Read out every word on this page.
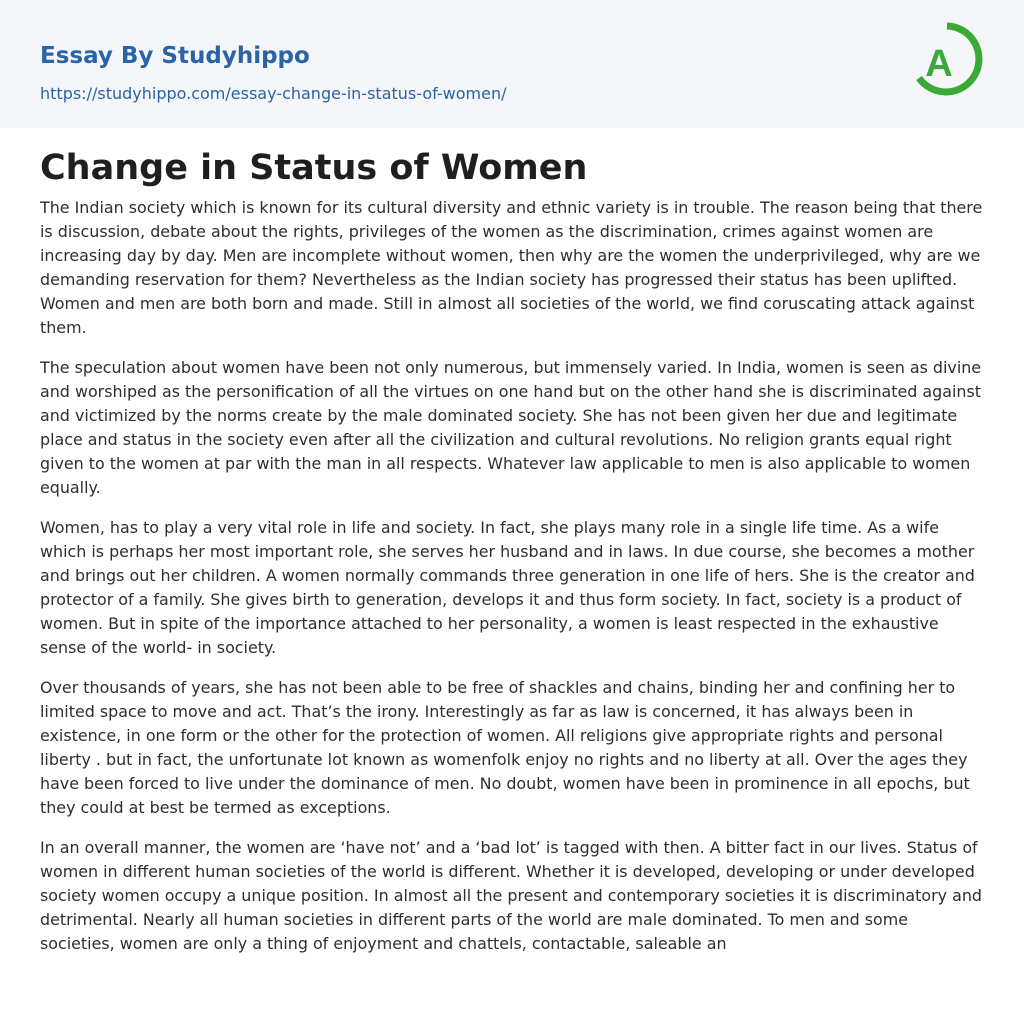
Essay By Studyhippo
https://studyhippo.com/essay-change-in-status-of-women/
A
Change in Status of Women

The Indian society which is known for its cultural diversity and ethnic variety is in trouble. The reason being that there is discussion, debate about the rights, privileges of the women as the discrimination, crimes against women are increasing day by day. Men are incomplete without women, then why are the women the underprivileged, why are we demanding reservation for them? Nevertheless as the Indian society has progressed their status has been uplifted. Women and men are both born and made. Still in almost all societies of the world, we find coruscating attack against them.

The speculation about women have been not only numerous, but immensely varied. In India, women is seen as divine and worshiped as the personification of all the virtues on one hand but on the other hand she is discriminated against and victimized by the norms create by the male dominated society. She has not been given her due and legitimate place and status in the society even after all the civilization and cultural revolutions. No religion grants equal right given to the women at par with the man in all respects. Whatever law applicable to men is also applicable to women equally.

Women, has to play a very vital role in life and society. In fact, she plays many role in a single life time. As a wife which is perhaps her most important role, she serves her husband and in laws. In due course, she becomes a mother and brings out her children. A women normally commands three generation in one life of hers. She is the creator and protector of a family. She gives birth to generation, develops it and thus form society. In fact, society is a product of women. But in spite of the importance attached to her personality, a women is least respected in the exhaustive sense of the world- in society.

Over thousands of years, she has not been able to be free of shackles and chains, binding her and confining her to limited space to move and act. That’s the irony. Interestingly as far as law is concerned, it has always been in existence, in one form or the other for the protection of women. All religions give appropriate rights and personal liberty . but in fact, the unfortunate lot known as womenfolk enjoy no rights and no liberty at all. Over the ages they have been forced to live under the dominance of men. No doubt, women have been in prominence in all epochs, but they could at best be termed as exceptions.

In an overall manner, the women are ‘have not’ and a ‘bad lot’ is tagged with then. A bitter fact in our lives. Status of women in different human societies of the world is different. Whether it is developed, developing or under developed society women occupy a unique position. In almost all the present and contemporary societies it is discriminatory and detrimental. Nearly all human societies in different parts of the world are male dominated. To men and some societies, women are only a thing of enjoyment and chattels, contactable, saleable an
